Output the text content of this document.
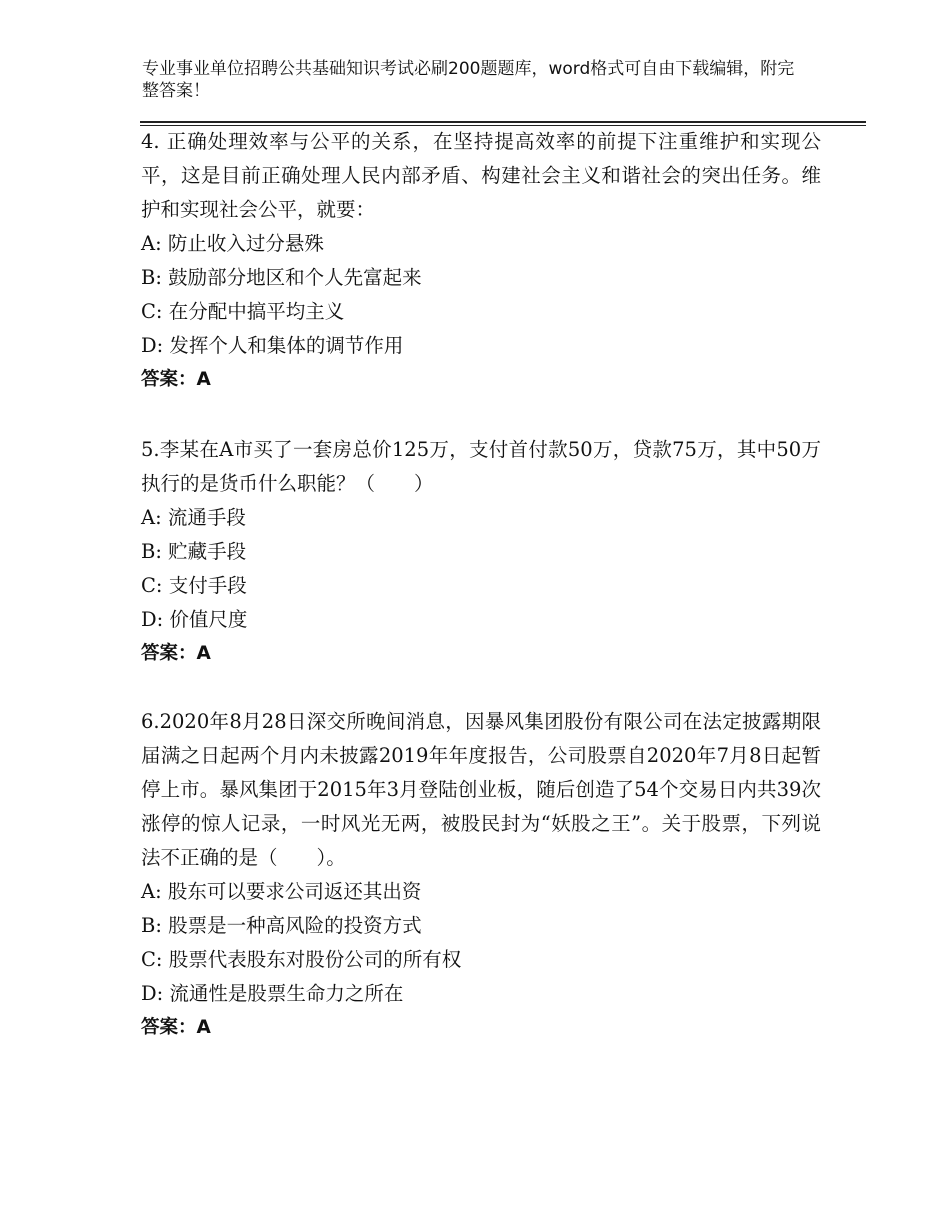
专业事业单位招聘公共基础知识考试必刷200题题库，word格式可自由下载编辑，附完整答案！

4. 正确处理效率与公平的关系，在坚持提高效率的前提下注重维护和实现公平，这是目前正确处理人民内部矛盾、构建社会主义和谐社会的突出任务。维护和实现社会公平，就要：

A: 防止收入过分悬殊

B: 鼓励部分地区和个人先富起来

C: 在分配中搞平均主义

D: 发挥个人和集体的调节作用

答案：A

5.李某在A市买了一套房总价125万，支付首付款50万，贷款75万，其中50万执行的是货币什么职能？（　　）

A: 流通手段

B: 贮藏手段

C: 支付手段

D: 价值尺度

答案：A

6.2020年8月28日深交所晚间消息，因暴风集团股份有限公司在法定披露期限届满之日起两个月内未披露2019年年度报告，公司股票自2020年7月8日起暂停上市。暴风集团于2015年3月登陆创业板，随后创造了54个交易日内共39次涨停的惊人记录，一时风光无两，被股民封为“妖股之王”。关于股票，下列说法不正确的是（　　）。

A: 股东可以要求公司返还其出资

B: 股票是一种高风险的投资方式

C: 股票代表股东对股份公司的所有权

D: 流通性是股票生命力之所在

答案：A
